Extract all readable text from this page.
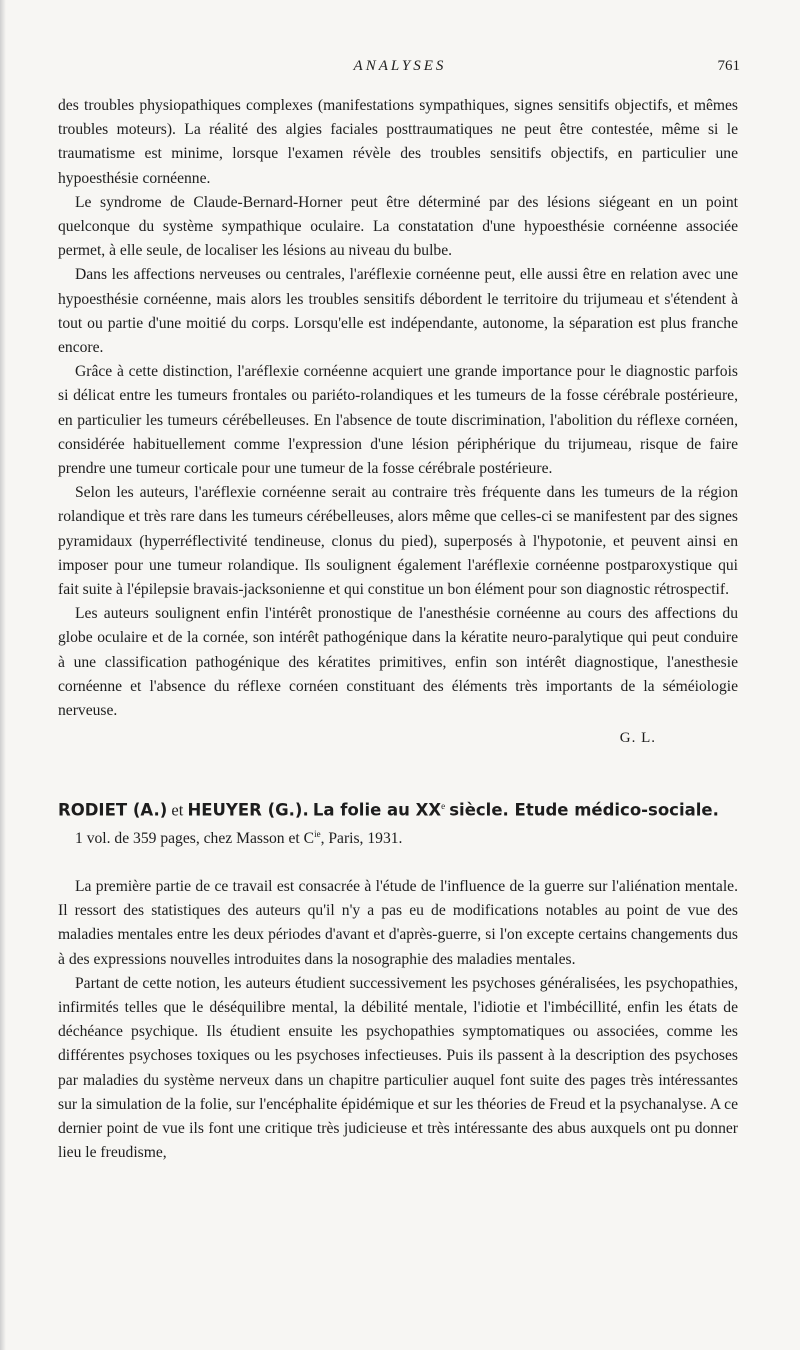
ANALYSES	761

des troubles physiopathiques complexes (manifestations sympathiques, signes sensitifs objectifs, et mêmes troubles moteurs). La réalité des algies faciales posttraumatiques ne peut être contestée, même si le traumatisme est minime, lorsque l'examen révèle des troubles sensitifs objectifs, en particulier une hypoesthésie cornéenne.

Le syndrome de Claude-Bernard-Horner peut être déterminé par des lésions siégeant en un point quelconque du système sympathique oculaire. La constatation d'une hypoesthésie cornéenne associée permet, à elle seule, de localiser les lésions au niveau du bulbe.

Dans les affections nerveuses ou centrales, l'aréflexie cornéenne peut, elle aussi être en relation avec une hypoesthésie cornéenne, mais alors les troubles sensitifs débordent le territoire du trijumeau et s'étendent à tout ou partie d'une moitié du corps. Lorsqu'elle est indépendante, autonome, la séparation est plus franche encore.

Grâce à cette distinction, l'aréflexie cornéenne acquiert une grande importance pour le diagnostic parfois si délicat entre les tumeurs frontales ou pariéto-rolandiques et les tumeurs de la fosse cérébrale postérieure, en particulier les tumeurs cérébelleuses. En l'absence de toute discrimination, l'abolition du réflexe cornéen, considérée habituellement comme l'expression d'une lésion périphérique du trijumeau, risque de faire prendre une tumeur corticale pour une tumeur de la fosse cérébrale postérieure.

Selon les auteurs, l'aréflexie cornéenne serait au contraire très fréquente dans les tumeurs de la région rolandique et très rare dans les tumeurs cérébelleuses, alors même que celles-ci se manifestent par des signes pyramidaux (hyperréflectivité tendineuse, clonus du pied), superposés à l'hypotonie, et peuvent ainsi en imposer pour une tumeur rolandique. Ils soulignent également l'aréflexie cornéenne postparoxystique qui fait suite à l'épilepsie bravais-jacksonienne et qui constitue un bon élément pour son diagnostic rétrospectif.

Les auteurs soulignent enfin l'intérêt pronostique de l'anesthésie cornéenne au cours des affections du globe oculaire et de la cornée, son intérêt pathogénique dans la kératite neuro-paralytique qui peut conduire à une classification pathogénique des kératites primitives, enfin son intérêt diagnostique, l'anesthesie cornéenne et l'absence du réflexe cornéen constituant des éléments très importants de la séméiologie nerveuse.

G. L.
RODIET (A.) et HEUYER (G.). La folie au XXe siècle. Etude médico-sociale.
1 vol. de 359 pages, chez Masson et $C^{ie}$, Paris, 1931.

La première partie de ce travail est consacrée à l'étude de l'influence de la guerre sur l'aliénation mentale. Il ressort des statistiques des auteurs qu'il n'y a pas eu de modifications notables au point de vue des maladies mentales entre les deux périodes d'avant et d'après-guerre, si l'on excepte certains changements dus à des expressions nouvelles introduites dans la nosographie des maladies mentales.

Partant de cette notion, les auteurs étudient successivement les psychoses généralisées, les psychopathies, infirmités telles que le déséquilibre mental, la débilité mentale, l'idiotie et l'imbécillité, enfin les états de déchéance psychique. Ils étudient ensuite les psychopathies symptomatiques ou associées, comme les différentes psychoses toxiques ou les psychoses infectieuses. Puis ils passent à la description des psychoses par maladies du système nerveux dans un chapitre particulier auquel font suite des pages très intéressantes sur la simulation de la folie, sur l'encéphalite épidémique et sur les théories de Freud et la psychanalyse. A ce dernier point de vue ils font une critique très judicieuse et très intéressante des abus auxquels ont pu donner lieu le freudisme,
